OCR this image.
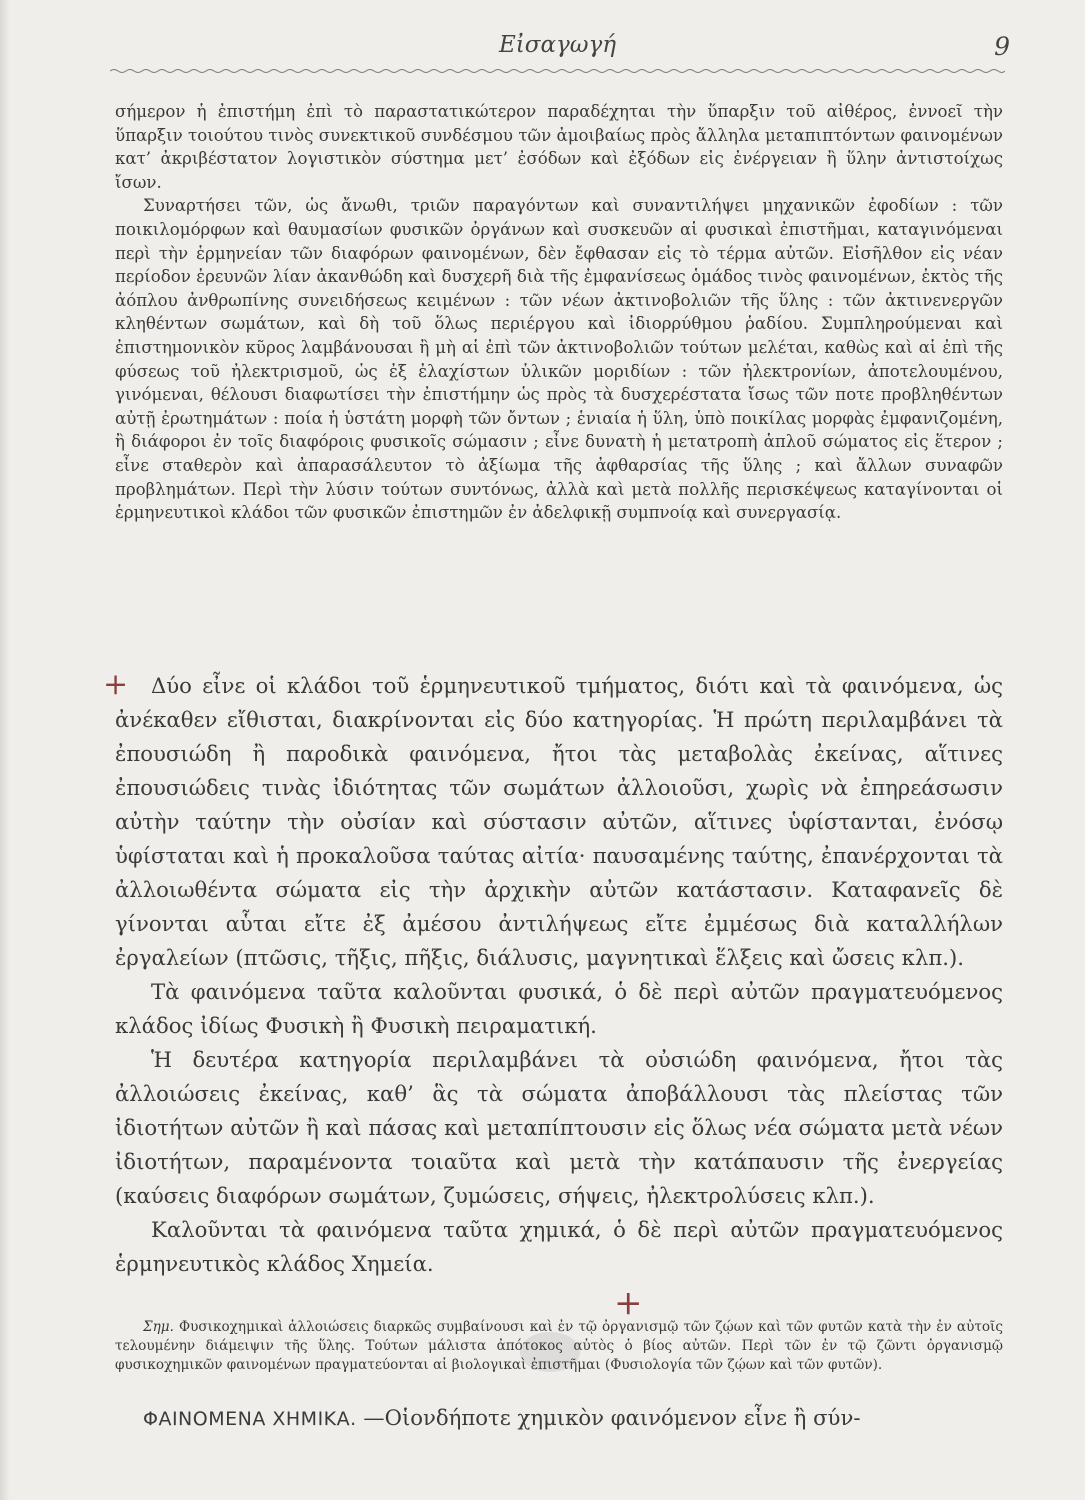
Εἰσαγωγή	9

σήμερον ἡ ἐπιστήμη ἐπὶ τὸ παραστατικώτερον παραδέχηται τὴν ὕπαρξιν τοῦ αἰθέρος, ἐννοεῖ τὴν ὕπαρξιν τοιούτου τινὸς συνεκτικοῦ συνδέσμου τῶν ἀμοιβαίως πρὸς ἄλληλα μεταπιπτόντων φαινομένων κατ’ ἀκριβέστατον λογιστικὸν σύστημα μετ’ ἐσόδων καὶ ἐξόδων εἰς ἐνέργειαν ἢ ὕλην ἀντιστοίχως ἴσων.

Συναρτήσει τῶν, ὡς ἄνωθι, τριῶν παραγόντων καὶ συναντιλήψει μηχανικῶν ἐφοδίων : τῶν ποικιλομόρφων καὶ θαυμασίων φυσικῶν ὀργάνων καὶ συσκευῶν αἱ φυσικαὶ ἐπιστῆμαι, καταγινόμεναι περὶ τὴν ἑρμηνείαν τῶν διαφόρων φαινομένων, δὲν ἔφθασαν εἰς τὸ τέρμα αὐτῶν. Εἰσῆλθον εἰς νέαν περίοδον ἐρευνῶν λίαν ἀκανθώδη καὶ δυσχερῆ διὰ τῆς ἐμφανίσεως ὁμάδος τινὸς φαινομένων, ἐκτὸς τῆς ἀόπλου ἀνθρωπίνης συνειδήσεως κειμένων : τῶν νέων ἀκτινοβολιῶν τῆς ὕλης : τῶν ἀκτινενεργῶν κληθέντων σωμάτων, καὶ δὴ τοῦ ὅλως περιέργου καὶ ἰδιορρύθμου ῥαδίου. Συμπληρούμεναι καὶ ἐπιστημονικὸν κῦρος λαμβάνουσαι ἢ μὴ αἱ ἐπὶ τῶν ἀκτινοβολιῶν τούτων μελέται, καθὼς καὶ αἱ ἐπὶ τῆς φύσεως τοῦ ἠλεκτρισμοῦ, ὡς ἐξ ἐλαχίστων ὑλικῶν μοριδίων : τῶν ἠλεκτρονίων, ἀποτελουμένου, γινόμεναι, θέλουσι διαφωτίσει τὴν ἐπιστήμην ὡς πρὸς τὰ δυσχερέστατα ἴσως τῶν ποτε προβληθέντων αὐτῇ ἐρωτημάτων : ποία ἡ ὑστάτη μορφὴ τῶν ὄντων ; ἑνιαία ἡ ὕλη, ὑπὸ ποικίλας μορφὰς ἐμφανιζομένη, ἢ διάφοροι ἐν τοῖς διαφόροις φυσικοῖς σώμασιν ; εἶνε δυνατὴ ἡ μετατροπὴ ἁπλοῦ σώματος εἰς ἕτερον ; εἶνε σταθερὸν καὶ ἀπαρασάλευτον τὸ ἀξίωμα τῆς ἀφθαρσίας τῆς ὕλης ; καὶ ἄλλων συναφῶν προβλημάτων. Περὶ τὴν λύσιν τούτων συντόνως, ἀλλὰ καὶ μετὰ πολλῆς περισκέψεως καταγίνονται οἱ ἑρμηνευτικοὶ κλάδοι τῶν φυσικῶν ἐπιστημῶν ἐν ἀδελφικῇ συμπνοίᾳ καὶ συνεργασίᾳ.

+	Δύο εἶνε οἱ κλάδοι τοῦ ἑρμηνευτικοῦ τμήματος, διότι καὶ τὰ φαινόμενα, ὡς ἀνέκαθεν εἴθισται, διακρίνονται εἰς δύο κατηγορίας. Ἡ πρώτη περιλαμβάνει τὰ ἐπουσιώδη ἢ παροδικὰ φαινόμενα, ἤτοι τὰς μεταβολὰς ἐκείνας, αἵτινες ἐπουσιώδεις τινὰς ἰδιότητας τῶν σωμάτων ἀλλοιοῦσι, χωρὶς νὰ ἐπηρεάσωσιν αὐτὴν ταύτην τὴν οὐσίαν καὶ σύστασιν αὐτῶν, αἵτινες ὑφίστανται, ἐνόσῳ ὑφίσταται καὶ ἡ προκαλοῦσα ταύτας αἰτία· παυσαμένης ταύτης, ἐπανέρχονται τὰ ἀλλοιωθέντα σώματα εἰς τὴν ἀρχικὴν αὐτῶν κατάστασιν. Καταφανεῖς δὲ γίνονται αὗται εἴτε ἐξ ἀμέσου ἀντιλήψεως εἴτε ἐμμέσως διὰ καταλλήλων ἐργαλείων (πτῶσις, τῆξις, πῆξις, διάλυσις, μαγνητικαὶ ἕλξεις καὶ ὤσεις κλπ.).

Τὰ φαινόμενα ταῦτα καλοῦνται φυσικά, ὁ δὲ περὶ αὐτῶν πραγματευόμενος κλάδος ἰδίως Φυσικὴ ἢ Φυσικὴ πειραματική.

Ἡ δευτέρα κατηγορία περιλαμβάνει τὰ οὐσιώδη φαινόμενα, ἤτοι τὰς ἀλλοιώσεις ἐκείνας, καθ’ ἃς τὰ σώματα ἀποβάλλουσι τὰς πλείστας τῶν ἰδιοτήτων αὐτῶν ἢ καὶ πάσας καὶ μεταπίπτουσιν εἰς ὅλως νέα σώματα μετὰ νέων ἰδιοτήτων, παραμένοντα τοιαῦτα καὶ μετὰ τὴν κατάπαυσιν τῆς ἐνεργείας (καύσεις διαφόρων σωμάτων, ζυμώσεις, σήψεις, ἠλεκτρολύσεις κλπ.).

Καλοῦνται τὰ φαινόμενα ταῦτα χημικά, ὁ δὲ περὶ αὐτῶν πραγματευόμενος ἑρμηνευτικὸς κλάδος Χημεία.

+

Σημ. Φυσικοχημικαὶ ἀλλοιώσεις διαρκῶς συμβαίνουσι καὶ ἐν τῷ ὀργανισμῷ τῶν ζῴων καὶ τῶν φυτῶν κατὰ τὴν ἐν αὐτοῖς τελουμένην διάμειψιν τῆς ὕλης. Τούτων μάλιστα ἀπότοκος αὐτὸς ὁ βίος αὐτῶν. Περὶ τῶν ἐν τῷ ζῶντι ὀργανισμῷ φυσικοχημικῶν φαινομένων πραγματεύονται αἱ βιολογικαὶ ἐπιστῆμαι (Φυσιολογία τῶν ζῴων καὶ τῶν φυτῶν).

ΦΑΙΝΟΜΕΝΑ ΧΗΜΙΚΑ. —Οἱονδήποτε χημικὸν φαινόμενον εἶνε ἢ σύν-
